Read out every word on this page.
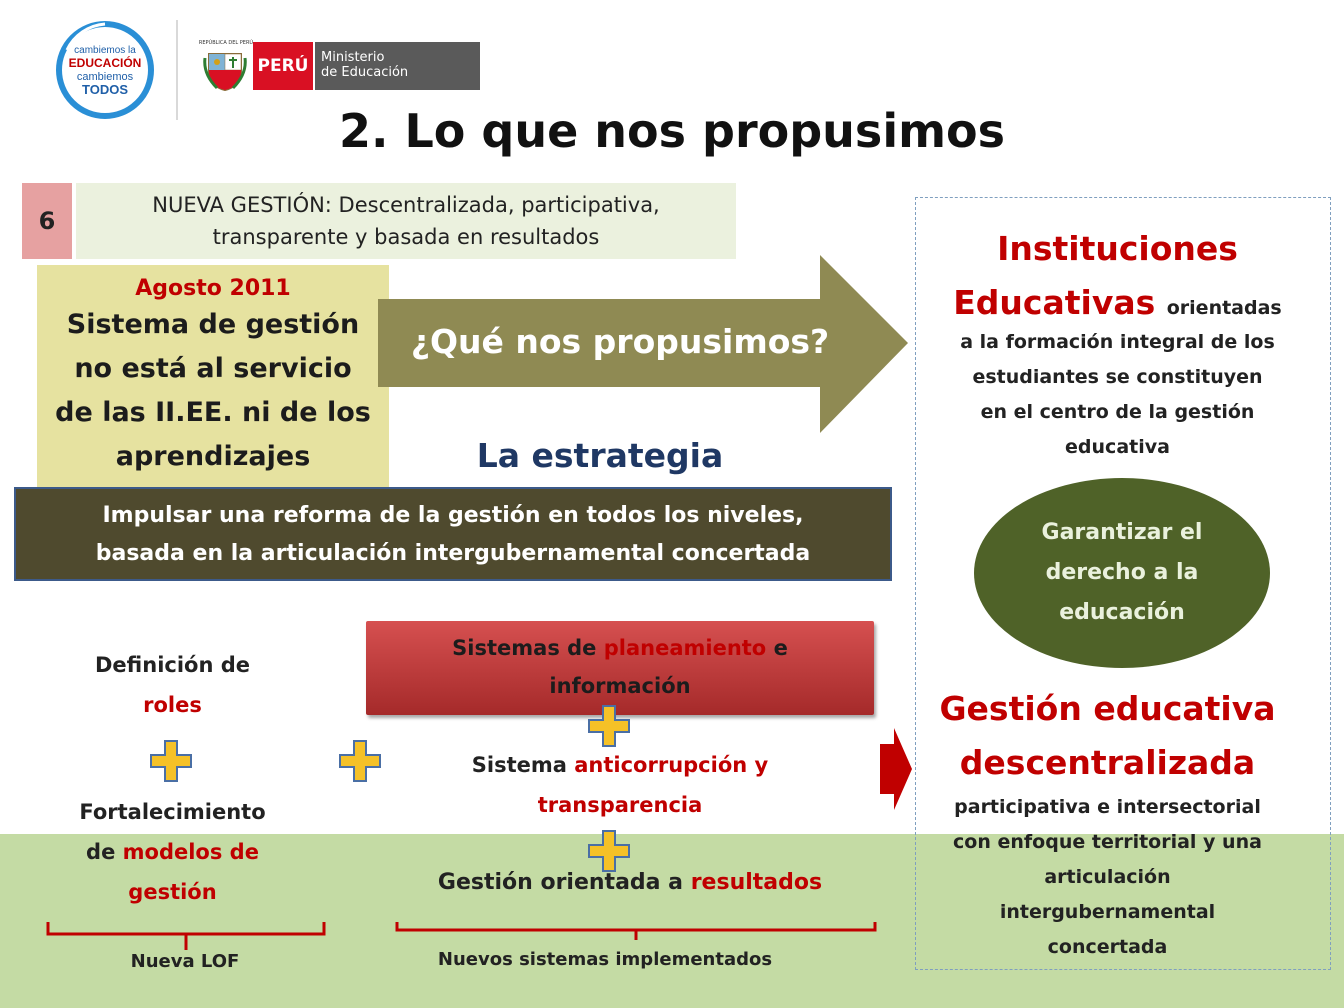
cambiemos la
EDUCACIÓN
cambiemos
TODOS
REPÚBLICA DEL PERÚ
PERÚ Ministerio
de Educación
2. Lo que nos propusimos
6
NUEVA GESTIÓN: Descentralizada, participativa,
transparente y basada en resultados
Agosto 2011
Sistema de gestión
no está al servicio
de las II.EE. ni de los
aprendizajes
¿Qué nos propusimos?
La estrategia
Impulsar una reforma de la gestión en todos los niveles,
basada en la articulación intergubernamental concertada
Instituciones
Educativas orientadas
a la formación integral de los
estudiantes se constituyen
en el centro de la gestión
educativa
Garantizar el
derecho a la
educación
Gestión educativa
descentralizada
participativa e intersectorial
con enfoque territorial y una
articulación
intergubernamental
concertada
Sistemas de planeamiento e
información
Definición de
roles
Sistema anticorrupción y
transparencia
Fortalecimiento
de modelos de
gestión	Gestión orientada a resultados
Nueva LOF	Nuevos sistemas implementados
